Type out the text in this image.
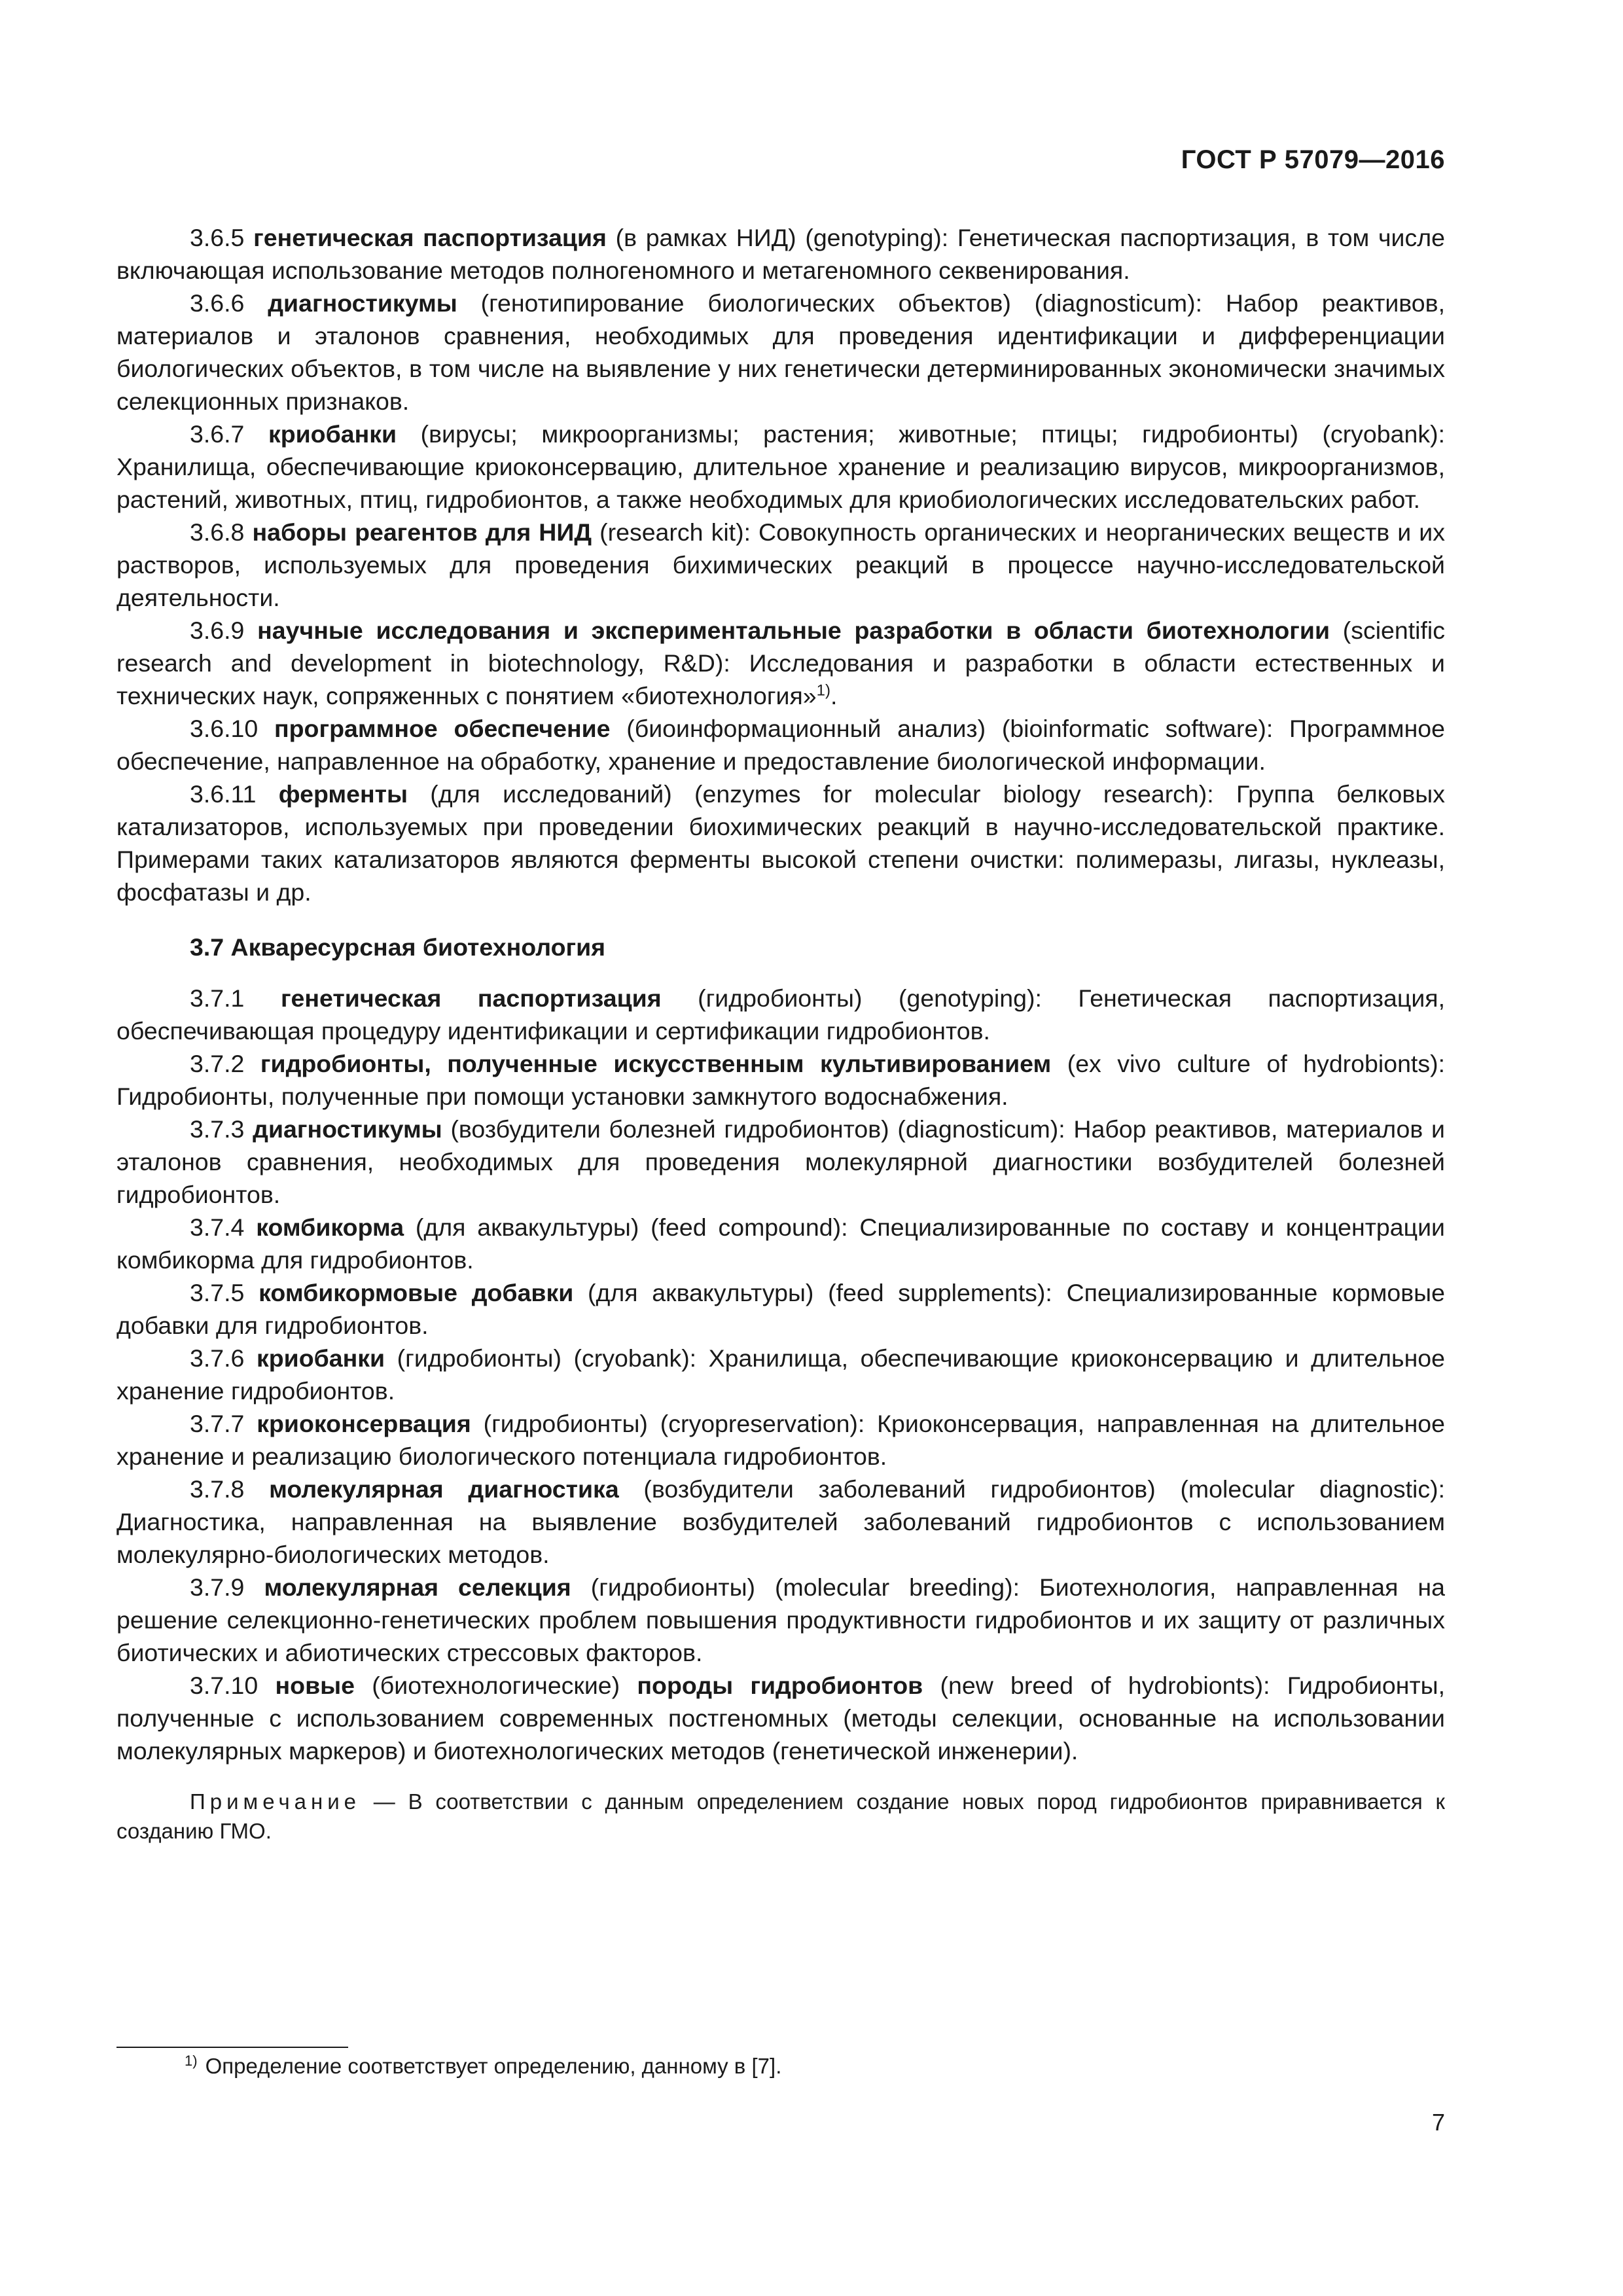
ГОСТ Р 57079—2016

3.6.5 генетическая паспортизация (в рамках НИД) (genotyping): Генетическая паспортизация, в том числе включающая использование методов полногеномного и метагеномного секвенирования.

3.6.6 диагностикумы (генотипирование биологических объектов) (diagnosticum): Набор реактивов, материалов и эталонов сравнения, необходимых для проведения идентификации и дифференциации биологических объектов, в том числе на выявление у них генетически детерминированных экономически значимых селекционных признаков.

3.6.7 криобанки (вирусы; микроорганизмы; растения; животные; птицы; гидробионты) (cryobank): Хранилища, обеспечивающие криоконсервацию, длительное хранение и реализацию вирусов, микроорганизмов, растений, животных, птиц, гидробионтов, а также необходимых для криобиологических исследовательских работ.

3.6.8 наборы реагентов для НИД (research kit): Совокупность органических и неорганических веществ и их растворов, используемых для проведения бихимических реакций в процессе научно-исследовательской деятельности.

3.6.9 научные исследования и экспериментальные разработки в области биотехнологии (scientific research and development in biotechnology, R&D): Исследования и разработки в области естественных и технических наук, сопряженных с понятием «биотехнология»$^{1)}$.

3.6.10 программное обеспечение (биоинформационный анализ) (bioinformatic software): Программное обеспечение, направленное на обработку, хранение и предоставление биологической информации.

3.6.11 ферменты (для исследований) (enzymes for molecular biology research): Группа белковых катализаторов, используемых при проведении биохимических реакций в научно-исследовательской практике. Примерами таких катализаторов являются ферменты высокой степени очистки: полимеразы, лигазы, нуклеазы, фосфатазы и др.

3.7 Акваресурсная биотехнология

3.7.1 генетическая паспортизация (гидробионты) (genotyping): Генетическая паспортизация, обеспечивающая процедуру идентификации и сертификации гидробионтов.

3.7.2 гидробионты, полученные искусственным культивированием (ex vivo culture of hydrobionts): Гидробионты, полученные при помощи установки замкнутого водоснабжения.

3.7.3 диагностикумы (возбудители болезней гидробионтов) (diagnosticum): Набор реактивов, материалов и эталонов сравнения, необходимых для проведения молекулярной диагностики возбудителей болезней гидробионтов.

3.7.4 комбикорма (для аквакультуры) (feed compound): Специализированные по составу и концентрации комбикорма для гидробионтов.

3.7.5 комбикормовые добавки (для аквакультуры) (feed supplements): Специализированные кормовые добавки для гидробионтов.

3.7.6 криобанки (гидробионты) (cryobank): Хранилища, обеспечивающие криоконсервацию и длительное хранение гидробионтов.

3.7.7 криоконсервация (гидробионты) (cryopreservation): Криоконсервация, направленная на длительное хранение и реализацию биологического потенциала гидробионтов.

3.7.8 молекулярная диагностика (возбудители заболеваний гидробионтов) (molecular diagnostic): Диагностика, направленная на выявление возбудителей заболеваний гидробионтов с использованием молекулярно-биологических методов.

3.7.9 молекулярная селекция (гидробионты) (molecular breeding): Биотехнология, направленная на решение селекционно-генетических проблем повышения продуктивности гидробионтов и их защиту от различных биотических и абиотических стрессовых факторов.

3.7.10 новые (биотехнологические) породы гидробионтов (new breed of hydrobionts): Гидробионты, полученные с использованием современных постгеномных (методы селекции, основанные на использовании молекулярных маркеров) и биотехнологических методов (генетической инженерии).

Примечание — В соответствии с данным определением создание новых пород гидробионтов приравнивается к созданию ГМО.

$^{1)}$ Определение соответствует определению, данному в [7].
7
